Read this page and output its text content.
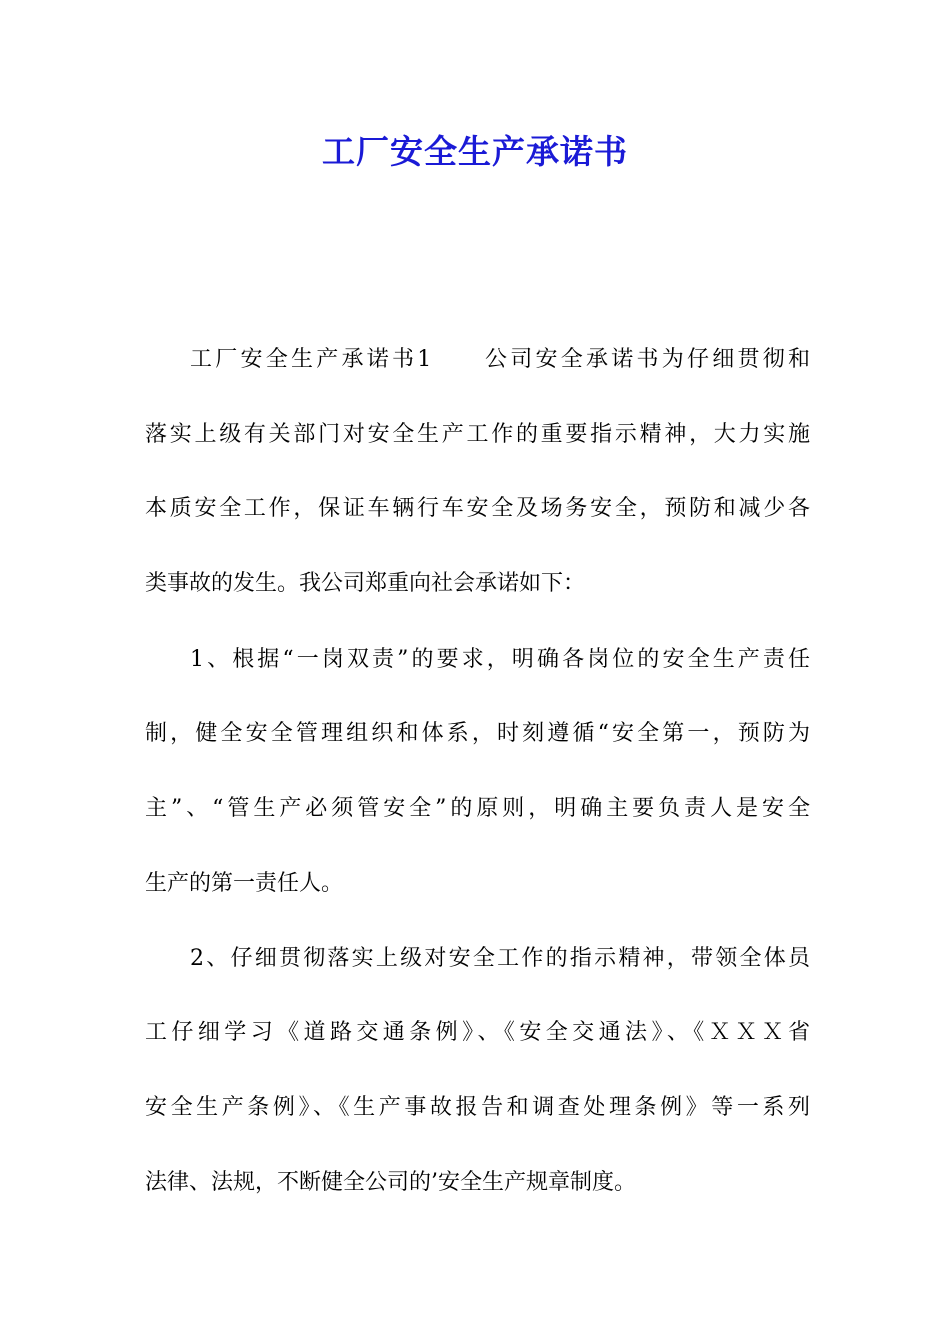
工厂安全生产承诺书

工厂安全生产承诺书1　　公司安全承诺书为仔细贯彻和

落实上级有关部门对安全生产工作的重要指示精神，大力实施

本质安全工作，保证车辆行车安全及场务安全，预防和减少各

类事故的发生。我公司郑重向社会承诺如下：

1、根据“一岗双责”的要求，明确各岗位的安全生产责任

制，健全安全管理组织和体系，时刻遵循“安全第一，预防为

主”、“管生产必须管安全”的原则，明确主要负责人是安全

生产的第一责任人。

2、仔细贯彻落实上级对安全工作的指示精神，带领全体员

工仔细学习《道路交通条例》、《安全交通法》、《ＸＸＸ省

安全生产条例》、《生产事故报告和调查处理条例》等一系列

法律、法规，不断健全公司的’安全生产规章制度。
